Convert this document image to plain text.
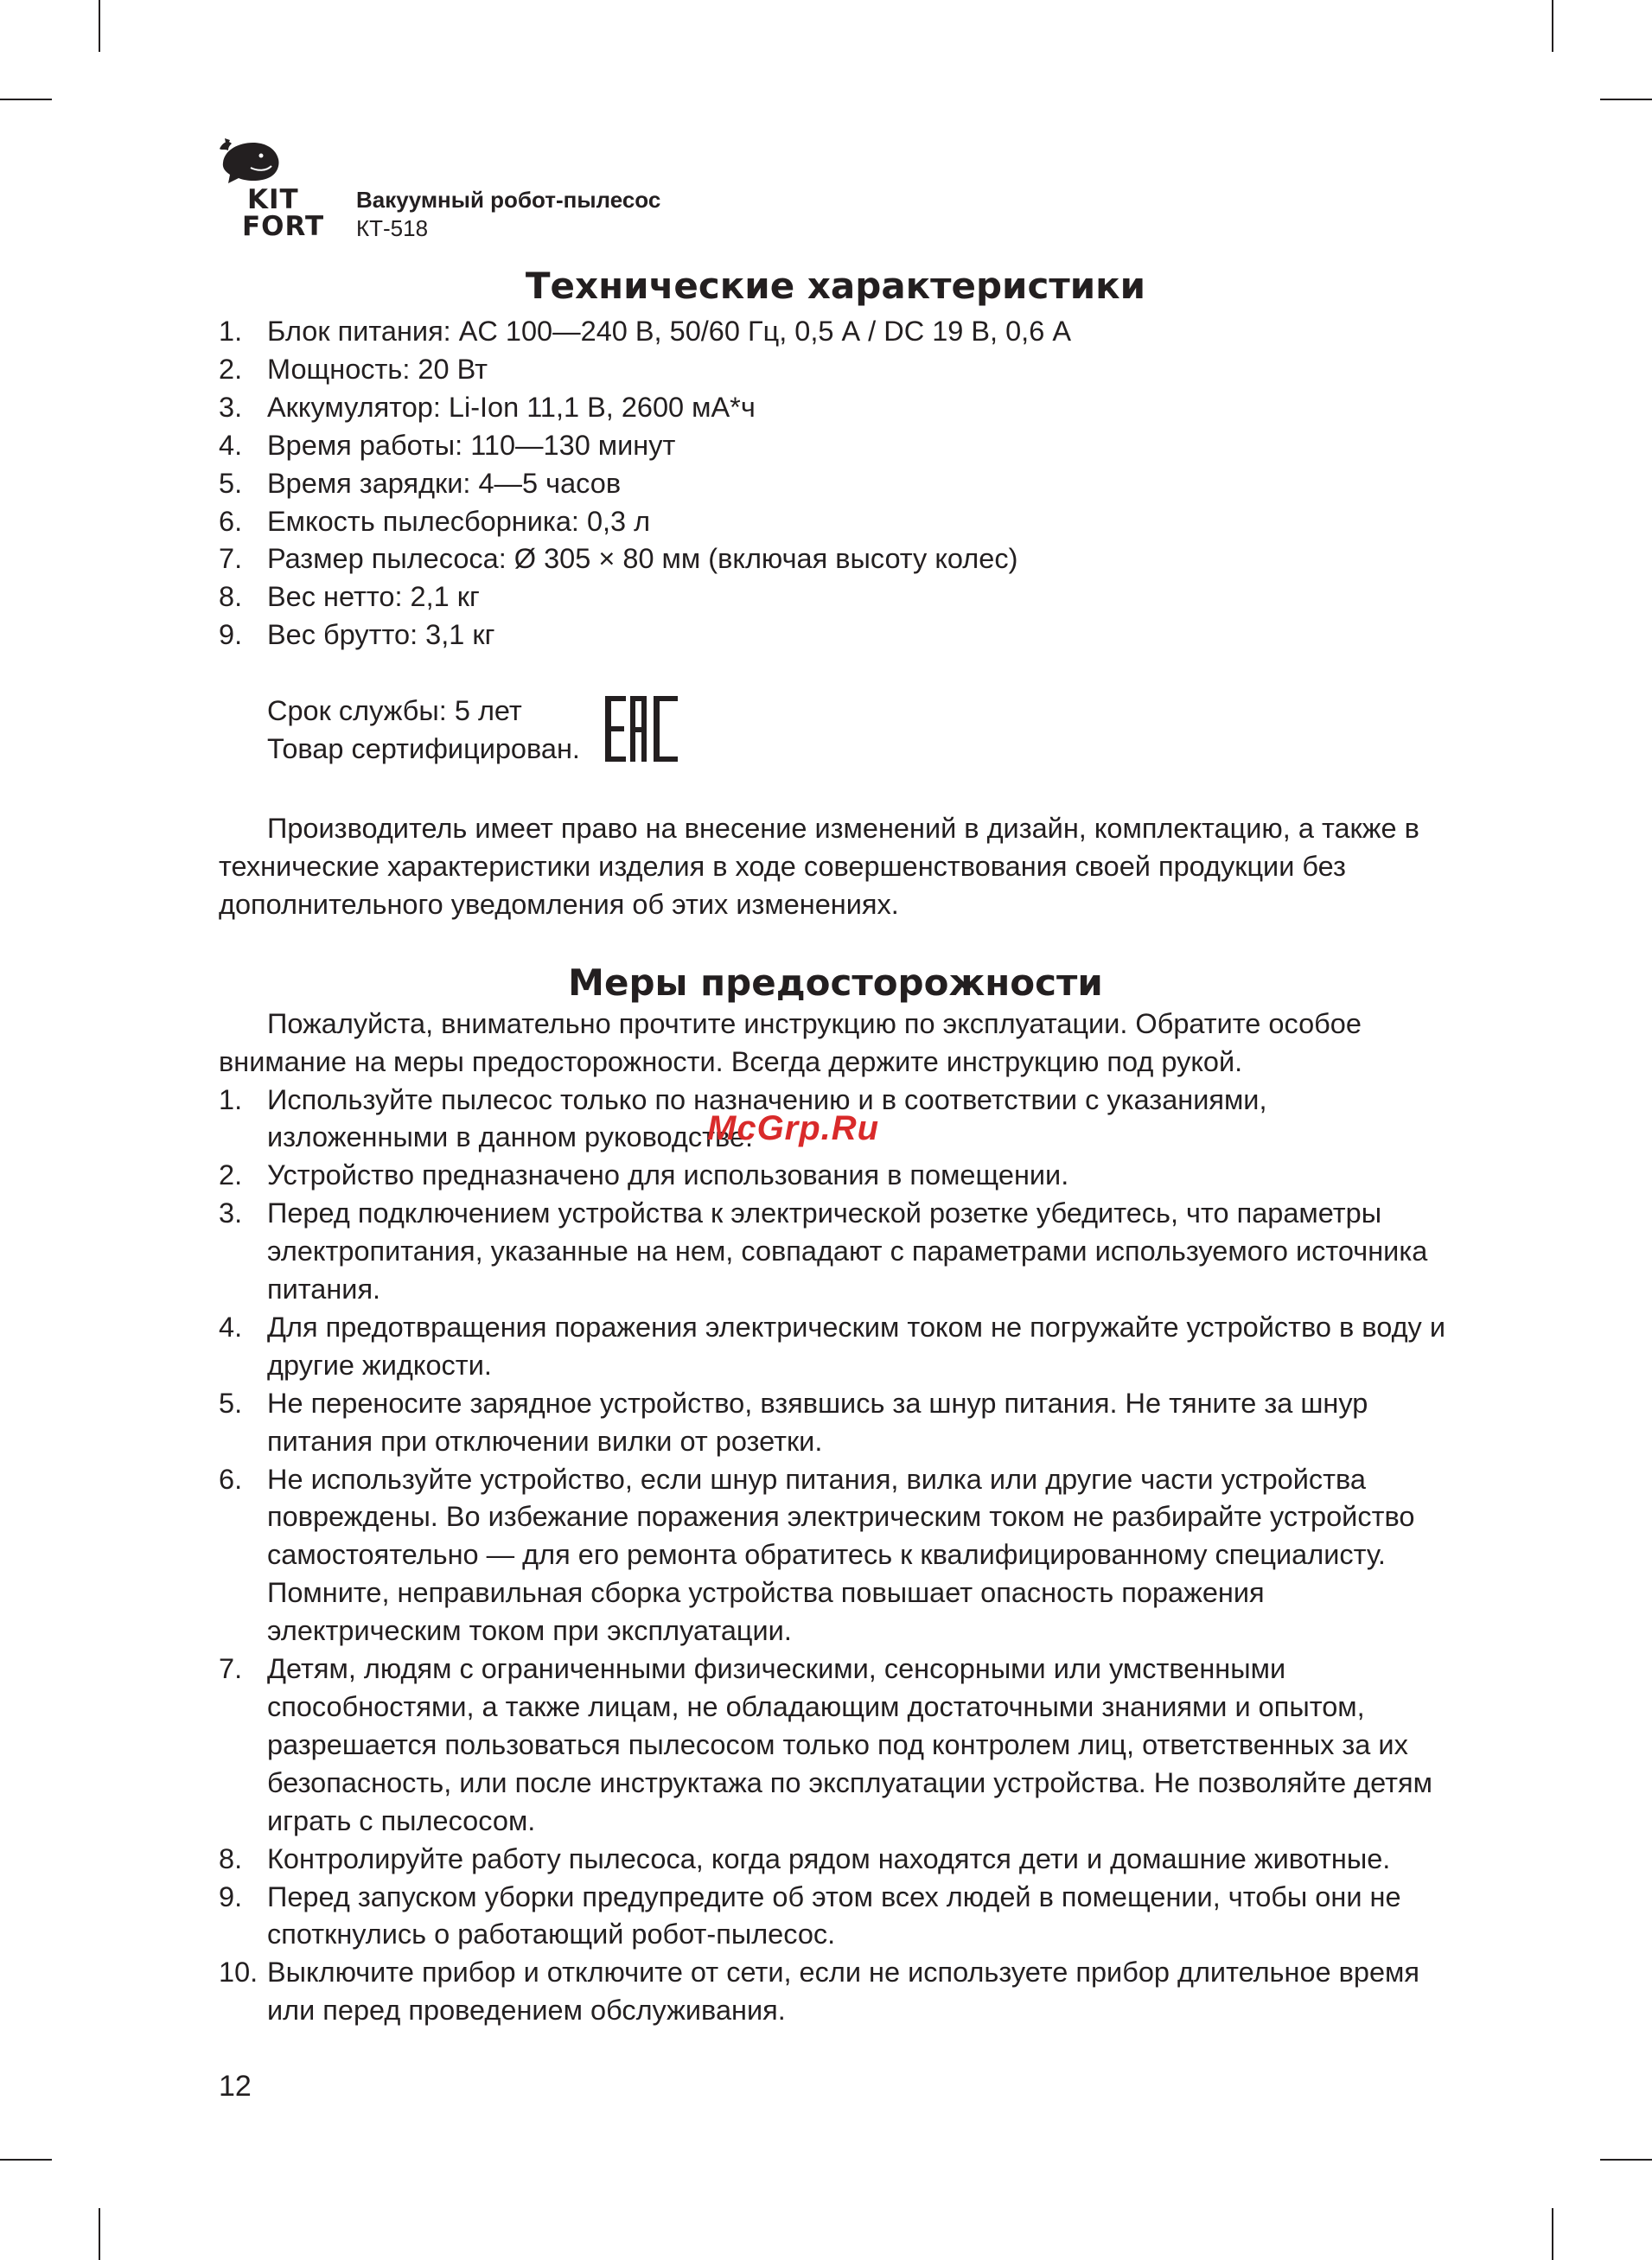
KIT
FORT
Вакуумный робот-пылесос
КТ-518
Технические характеристики
1. Блок питания: AC 100—240 В, 50/60 Гц, 0,5 А / DC 19 В, 0,6 А
2. Мощность: 20 Вт
3. Аккумулятор: Li-Ion 11,1 В, 2600 мА*ч
4. Время работы: 110—130 минут
5. Время зарядки: 4—5 часов
6. Емкость пылесборника: 0,3 л
7. Размер пылесоса: Ø 305 × 80 мм (включая высоту колес)
8. Вес нетто: 2,1 кг
9. Вес брутто: 3,1 кг
Срок службы: 5 лет
Товар сертифицирован.

Производитель имеет право на внесение изменений в дизайн, комплектацию, а также в технические характеристики изделия в ходе совершенствования своей продукции без дополнительного уведомления об этих изменениях.

Меры предосторожности

Пожалуйста, внимательно прочтите инструкцию по эксплуатации. Обратите особое внимание на меры предосторожности. Всегда держите инструкцию под рукой.

1. Используйте пылесос только по назначению и в соответствии с указаниями, изложенными в данном руководстве.
2. Устройство предназначено для использования в помещении.
3. Перед подключением устройства к электрической розетке убедитесь, что параметры электропитания, указанные на нем, совпадают с параметрами используемого источника питания.
4. Для предотвращения поражения электрическим током не погружайте устройство в воду и другие жидкости.
5. Не переносите зарядное устройство, взявшись за шнур питания. Не тяните за шнур питания при отключении вилки от розетки.
6. Не используйте устройство, если шнур питания, вилка или другие части устройства повреждены. Во избежание поражения электрическим током не разбирайте устройство самостоятельно — для его ремонта обратитесь к квалифицированному специалисту. Помните, неправильная сборка устройства повышает опасность поражения электрическим током при эксплуатации.
7. Детям, людям с ограниченными физическими, сенсорными или умственными способностями, а также лицам, не обладающим достаточными знаниями и опытом, разрешается пользоваться пылесосом только под контролем лиц, ответственных за их безопасность, или после инструктажа по эксплуатации устройства. Не позволяйте детям играть с пылесосом.
8. Контролируйте работу пылесоса, когда рядом находятся дети и домашние животные.
9. Перед запуском уборки предупредите об этом всех людей в помещении, чтобы они не споткнулись о работающий робот-пылесос.
10. Выключите прибор и отключите от сети, если не используете прибор длительное время или перед проведением обслуживания.
McGrp.Ru
12
